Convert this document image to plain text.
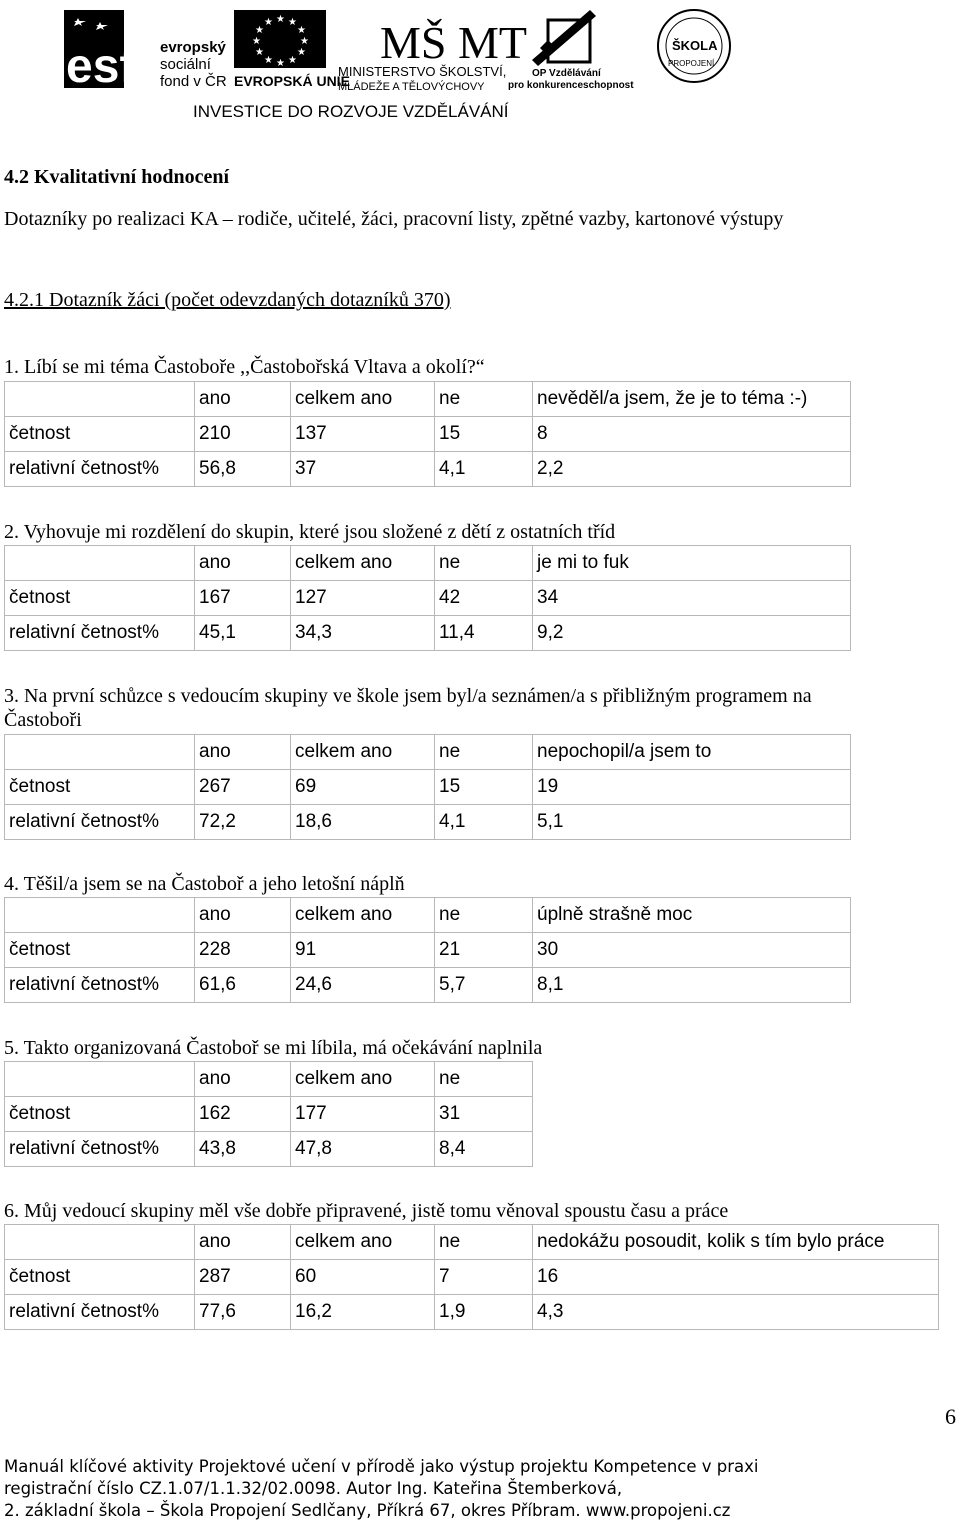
esf evropský
sociální
fond v ČR
★ ★
★
★
★
★
★
★
★
★
★
★
EVROPSKÁ UNIE
MŠ MT
MINISTERSTVO ŠKOLSTVÍ,
MLÁDEŽE A TĚLOVÝCHOVY
OP Vzdělávání
pro konkurenceschopnost
ŠKOLA
PROPOJENÍ
INVESTICE DO ROZVOJE VZDĚLÁVÁNÍ
4.2 Kvalitativní hodnocení
Dotazníky po realizaci KA – rodiče, učitelé, žáci, pracovní listy, zpětné vazby, kartonové výstupy
4.2.1 Dotazník žáci (počet odevzdaných dotazníků 370)
1. Líbí se mi téma Častoboře ,,Častobořská Vltava a okolí?“
	ano	celkem ano	ne	nevěděl/a jsem, že je to téma :-)
četnost	210	137	15	8
relativní četnost%	56,8	37	4,1	2,2
2. Vyhovuje mi rozdělení do skupin, které jsou složené z dětí z ostatních tříd
	ano	celkem ano	ne	je mi to fuk
četnost	167	127	42	34
relativní četnost%	45,1	34,3	11,4	9,2
3. Na první schůzce s vedoucím skupiny ve škole jsem byl/a seznámen/a s přibližným programem na
Častoboři
	ano	celkem ano	ne	nepochopil/a jsem to
četnost	267	69	15	19
relativní četnost%	72,2	18,6	4,1	5,1
4. Těšil/a jsem se na Častoboř a jeho letošní náplň
	ano	celkem ano	ne	úplně strašně moc
četnost	228	91	21	30
relativní četnost%	61,6	24,6	5,7	8,1
5. Takto organizovaná Častoboř se mi líbila, má očekávání naplnila
	ano	celkem ano	ne
četnost	162	177	31
relativní četnost%	43,8	47,8	8,4
6. Můj vedoucí skupiny měl vše dobře připravené, jistě tomu věnoval spoustu času a práce
	ano	celkem ano	ne	nedokážu posoudit, kolik s tím bylo práce
četnost	287	60	7	16
relativní četnost%	77,6	16,2	1,9	4,3
6
Manuál klíčové aktivity Projektové učení v přírodě jako výstup projektu Kompetence v praxi
registrační číslo CZ.1.07/1.1.32/02.0098. Autor Ing. Kateřina Štemberková,
2. základní škola – Škola Propojení Sedlčany, Příkrá 67, okres Příbram. www.propojeni.cz
